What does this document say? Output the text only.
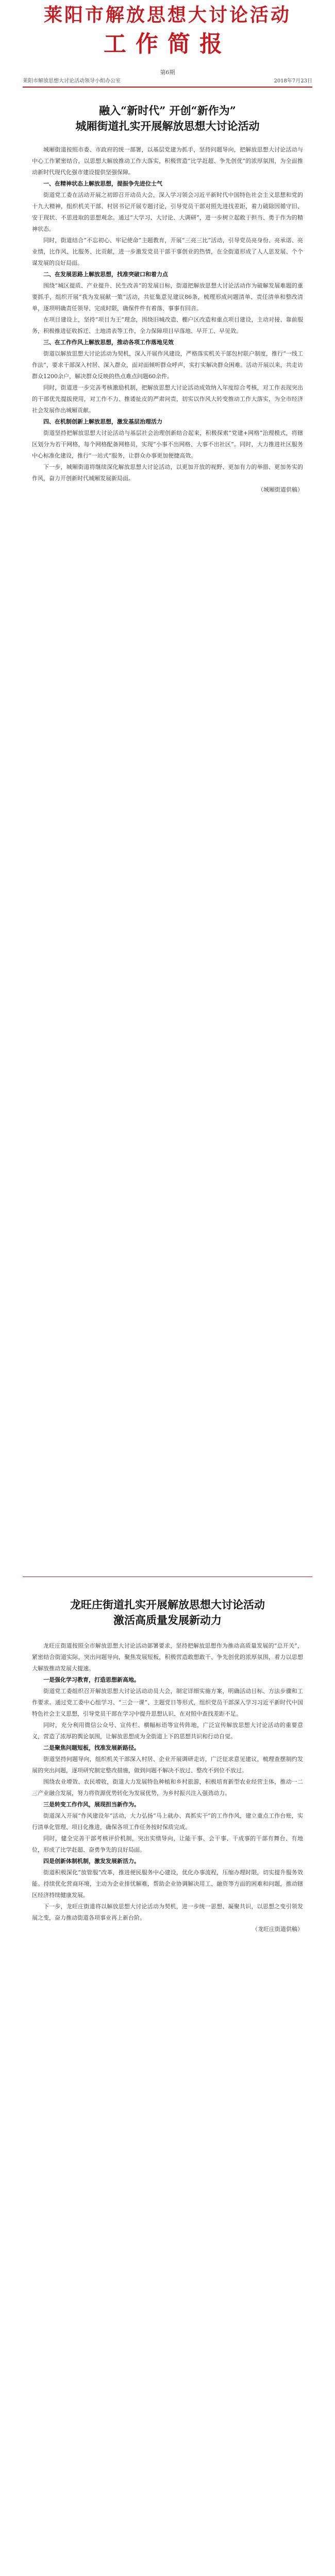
莱阳市解放思想大讨论活动
工作简报
第6期
莱阳市解放思想大讨论活动领导小组办公室	2018年7月23日
融入“新时代” 开创“新作为”
城厢街道扎实开展解放思想大讨论活动

城厢街道按照市委、市政府的统一部署，以基层党建为抓手，坚持问题导向，把解放思想大讨论活动与中心工作紧密结合，以思想大解放推动工作大落实，积极营造“比学赶超、争先创优”的浓厚氛围，为全面推动新时代现代化强市建设提供坚强保障。

一、在精神状态上解放思想，提振争先进位士气

街道党工委在活动开展之初即召开动员大会，深入学习领会习近平新时代中国特色社会主义思想和党的十九大精神，组织机关干部、村居书记开展专题讨论，引导党员干部对照先进找差距，着力破除因循守旧、安于现状、不思进取的思想观念。通过“大学习、大讨论、大调研”，进一步树立起敢于担当、勇于作为的精神状态。

同时，街道结合“不忘初心、牢记使命”主题教育，开展“三亮三比”活动，引导党员亮身份、亮承诺、亮业绩，比作风、比服务、比贡献，进一步激发党员干部干事创业的热情，在全街道形成了人人思发展、个个谋发展的良好局面。

二、在发展思路上解放思想，找准突破口和着力点

围绕“城区提质、产业提升、民生改善”的发展目标，街道把解放思想大讨论活动作为破解发展难题的重要抓手，组织开展“我为发展献一策”活动，共征集意见建议86条，梳理形成问题清单、责任清单和整改清单，逐项明确责任领导、完成时限，确保件件有着落、事事有回音。

在项目建设上，坚持“项目为王”理念，围绕旧城改造、棚户区改造和重点项目建设，主动对接、靠前服务，积极推进征收拆迁、土地清表等工作，全力保障项目早落地、早开工、早见效。

三、在工作作风上解放思想，推动各项工作落地见效

街道以解放思想大讨论活动为契机，深入开展作风建设，严格落实机关干部包村联户制度，推行“一线工作法”，要求干部深入村居、深入群众，面对面倾听群众呼声，实打实解决群众困难。活动开展以来，共走访群众1200余户，解决群众反映的热点难点问题60余件。

同时，街道进一步完善考核激励机制，把解放思想大讨论活动成效纳入年度综合考核，对工作表现突出的干部优先提拔使用，对工作不力、推诿扯皮的严肃问责，切实以作风大转变推动工作大落实，为全市经济社会发展作出城厢贡献。

四、在机制创新上解放思想，激发基层治理活力

街道坚持把解放思想大讨论活动与基层社会治理创新结合起来，积极探索“党建+网格”治理模式，将辖区划分为若干网格，每个网格配备网格员，实现“小事不出网格、大事不出社区”。同时，大力推进社区服务中心标准化建设，推行“一站式”服务，让群众办事更加便捷高效。

下一步，城厢街道将继续深化解放思想大讨论活动，以更加开放的视野、更加有力的举措、更加务实的作风，奋力开创新时代城厢发展新局面。

（城厢街道供稿）

龙旺庄街道扎实开展解放思想大讨论活动
激活高质量发展新动力

龙旺庄街道按照全市解放思想大讨论活动部署要求，坚持把解放思想作为推动高质量发展的“总开关”，紧密结合街道实际，突出问题导向，聚焦发展短板，积极营造敢想敢干、争先创优的浓厚氛围，着力以思想大解放推动发展大提速。

一是强化学习教育，打造思想新高地。

街道党工委组织召开解放思想大讨论活动动员大会，制定详细实施方案，明确活动目标、方法步骤和工作要求。通过党工委中心组学习、“三会一课”、主题党日等形式，组织党员干部深入学习习近平新时代中国特色社会主义思想，引导党员干部在学习中提升思想认识、在对照中查找差距不足。

同时，充分利用微信公众号、宣传栏、横幅标语等宣传阵地，广泛宣传解放思想大讨论活动的重要意义，营造了浓厚的舆论氛围，让解放思想成为全街道上下的思想共识和行动自觉。

二是聚焦问题短板，找准发展新路径。

街道坚持问题导向，组织机关干部深入村居、企业开展调研走访，广泛征求意见建议，梳理查摆制约发展的突出问题，逐项研究制定整改措施，做到问题不解决不放过、整改不到位不放过。

围绕农业增效、农民增收，街道大力发展特色种植和乡村旅游，积极培育新型农业经营主体，推动一二三产业融合发展，努力将资源优势转化为发展优势，为乡村振兴注入强劲动力。

三是转变工作作风，展现担当新作为。

街道深入开展“作风建设年”活动，大力弘扬“马上就办、真抓实干”的工作作风，建立重点工作台账，实行清单化管理、项目化推进，确保各项工作任务按时保质完成。

同时，健全完善干部考核评价机制，突出实绩导向，让能干事、会干事、干成事的干部有舞台、有地位，形成了比学赶超、奋勇争先的良好局面。

四是创新体制机制，激发发展新活力。

街道积极深化“放管服”改革，推进便民服务中心建设，优化办事流程，压缩办理时限，切实提升服务效能。持续优化营商环境，主动为企业排忧解难，帮助企业协调解决用工、融资等方面的困难和问题，推动辖区经济持续健康发展。

下一步，龙旺庄街道将以解放思想大讨论活动为契机，进一步统一思想、凝聚共识，以思想之变引领发展之变，奋力推动街道各项事业再上新台阶。

（龙旺庄街道供稿）
